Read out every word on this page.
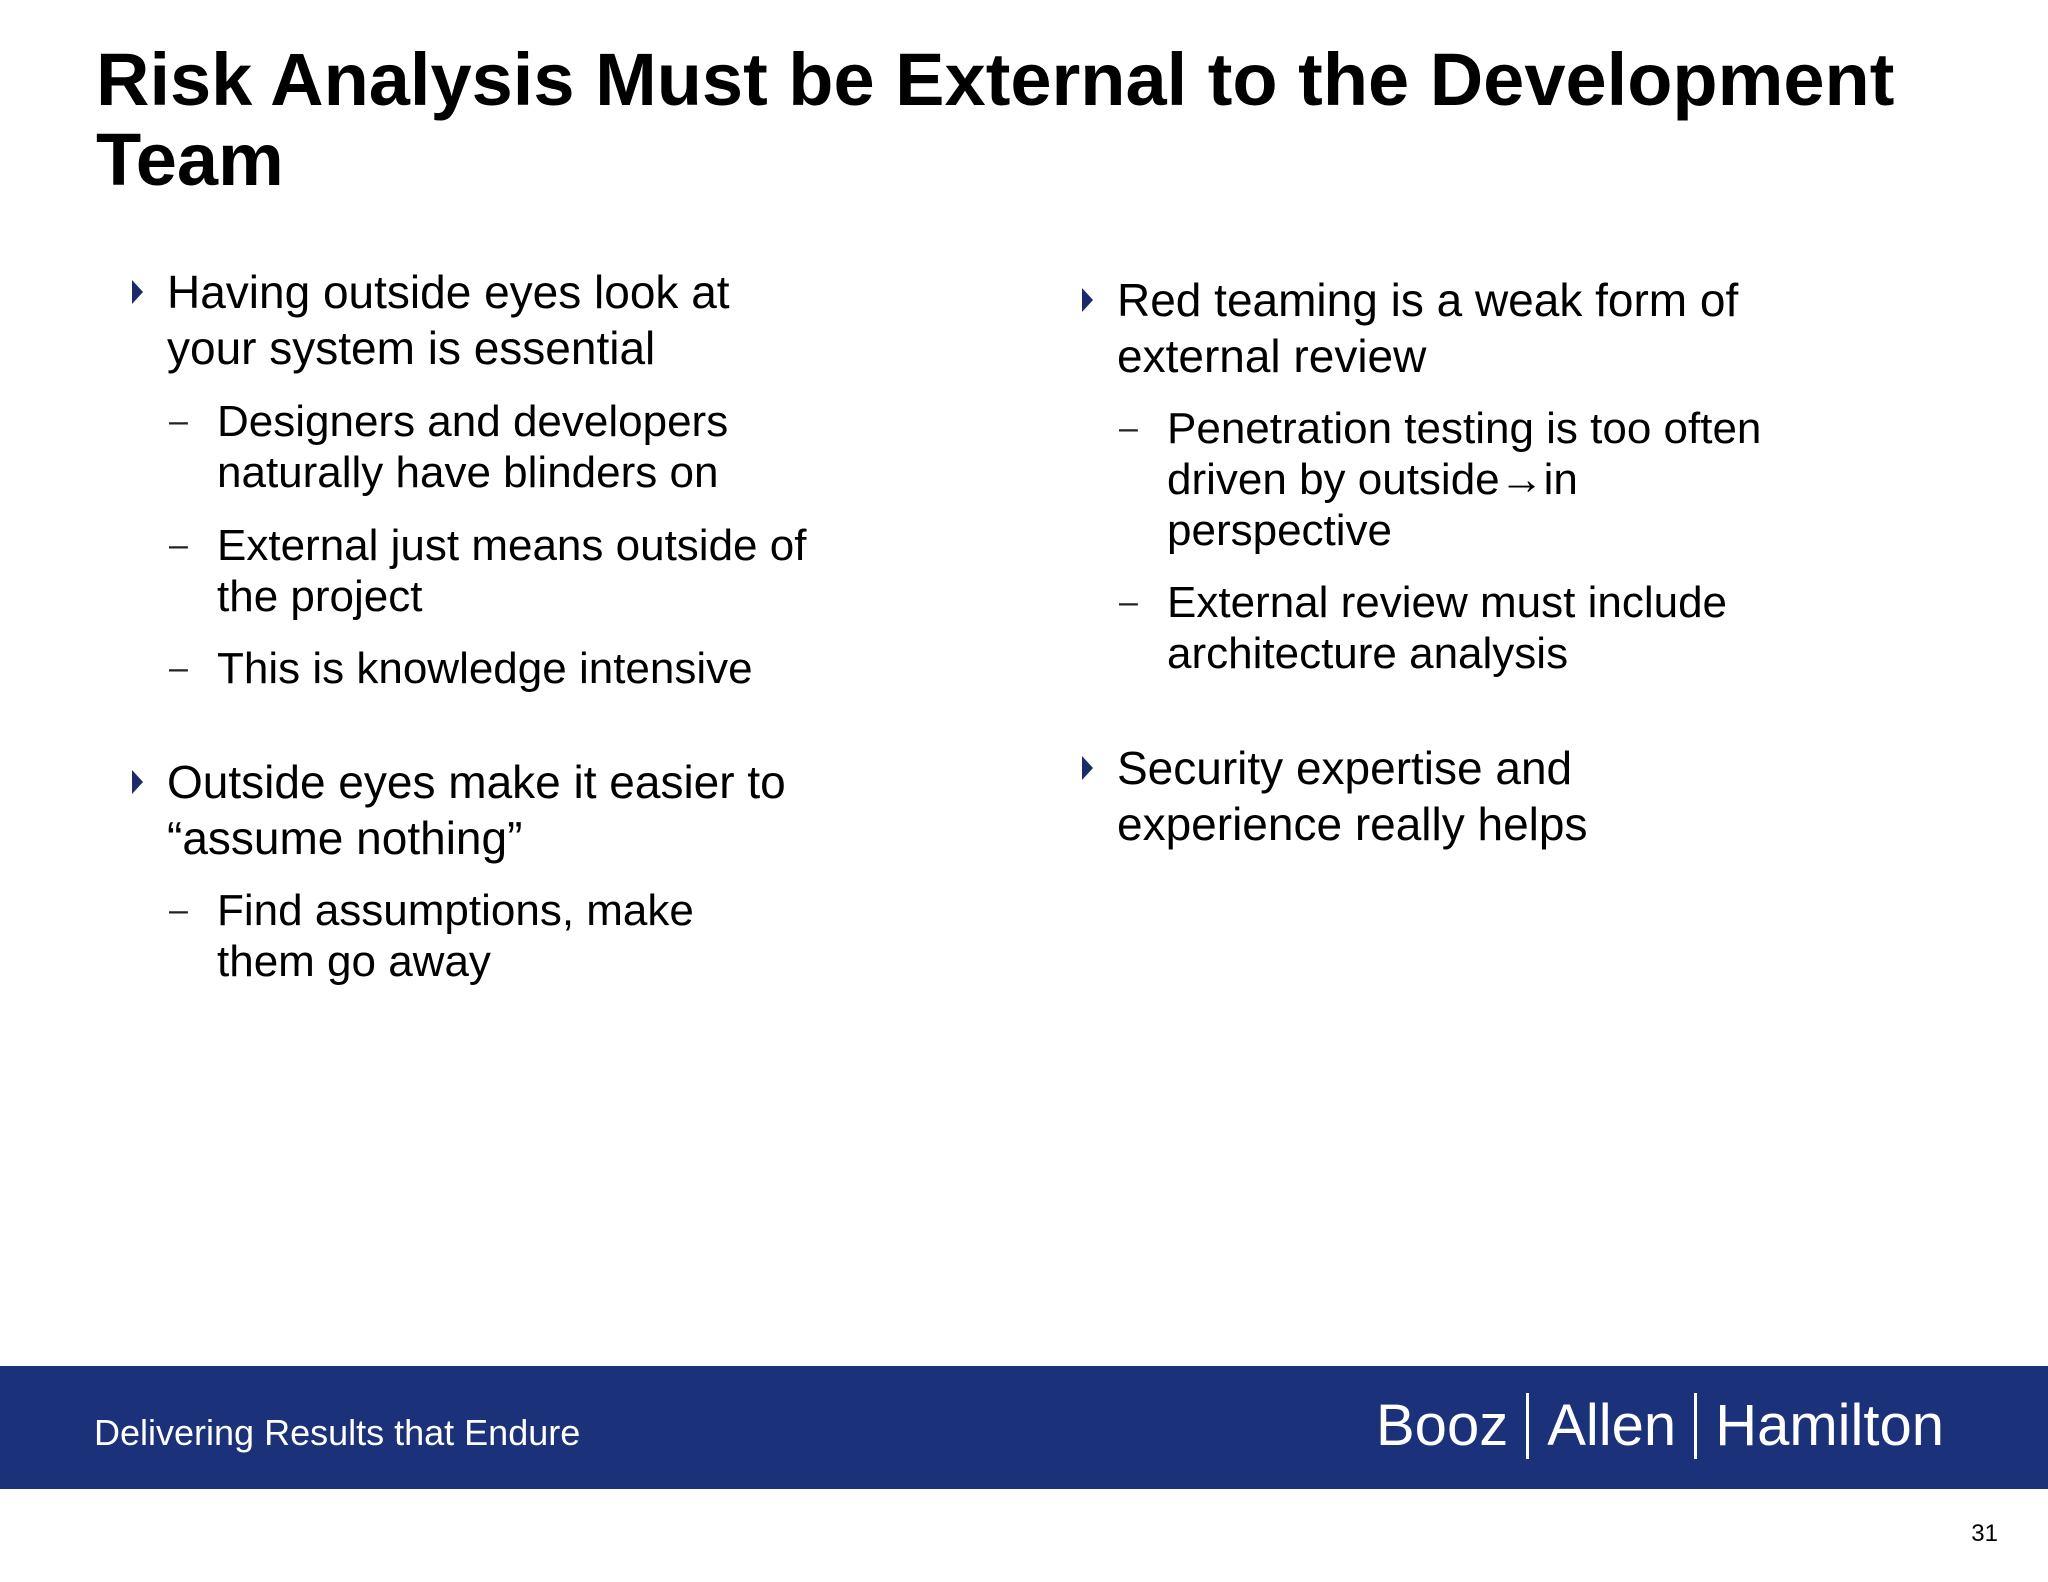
Risk Analysis Must be External to the Development Team
Having outside eyes look at your system is essential
– Designers and developers naturally have blinders on
– External just means outside of the project
– This is knowledge intensive
Outside eyes make it easier to “assume nothing”
– Find assumptions, make them go away
Red teaming is a weak form of external review
– Penetration testing is too often driven by outside→in perspective
– External review must include architecture analysis
Security expertise and experience really helps
Delivering Results that Endure	Booz Allen Hamilton
31
